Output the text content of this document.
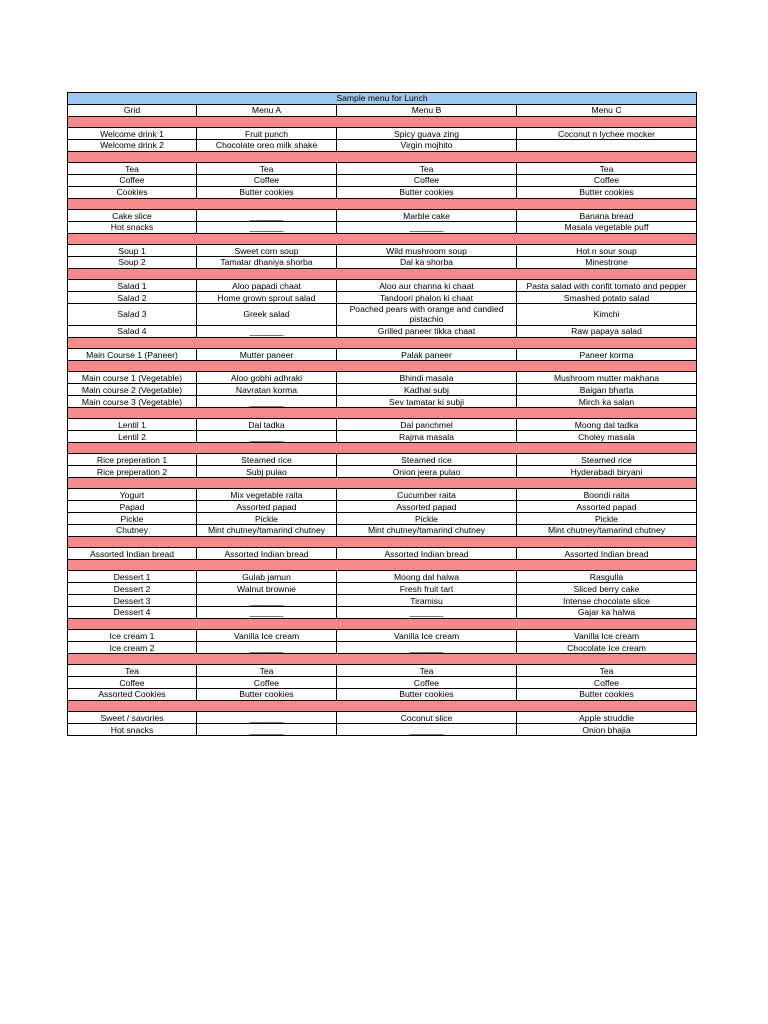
Sample menu for Lunch			
Grid	Menu A	Menu B	Menu C

Welcome drink 1	Fruit punch	Spicy guava zing	Coconut n lychee mocker
Welcome drink 2	Chocolate oreo milk shake	Virgin mojhito	

Tea	Tea	Tea	Tea
Coffee	Coffee	Coffee	Coffee
Cookies	Butter cookies	Butter cookies	Butter cookies

Cake slice	_______	Marble cake	Banana bread
Hot snacks	_______	_______	Masala vegetable puff

Soup 1	Sweet corn soup	Wild mushroom soup	Hot n sour soup
Soup 2	Tamatar dhaniya shorba	Dal ka shorba	Minestrone

Salad 1	Aloo papadi chaat	Aloo aur channa ki chaat	Pasta salad with confit tomato and pepper
Salad 2	Home grown sprout salad	Tandoori phalon ki chaat	Smashed potato salad
Salad 3	Greek salad	Poached pears with orange and candied pistachio	Kimchi
Salad 4	_______	Grilled paneer tikka chaat	Raw papaya salad

Main Course 1 (Paneer)	Mutter paneer	Palak paneer	Paneer korma

Main course 1 (Vegetable)	Aloo gobhi adhraki	Bhindi masala	Mushroom mutter makhana
Main course 2 (Vegetable)	Navratan korma	Kadhai subj	Baigan bharta
Main course 3 (Vegetable)	_______	Sev tamatar ki subji	Mirch ka salan

Lentil 1	Dal tadka	Dal panchmel	Moong dal tadka
Lentil 2	_______	Rajma masala	Choley masala

Rice preperation 1	Steamed rice	Steamed rice	Steamed rice
Rice preperation 2	Subj pulao	Onion jeera pulao	Hyderabadi biryani

Yogurt	Mix vegetable raita	Cucumber raita	Boondi raita
Papad	Assorted papad	Assorted papad	Assorted papad
Pickle	Pickle	Pickle	Pickle
Chutney	Mint chutney/tamarind chutney	Mint chutney/tamarind chutney	Mint chutney/tamarind chutney

Assorted Indian bread	Assorted Indian bread	Assorted Indian bread	Assorted Indian bread

Dessert 1	Gulab jamun	Moong dal halwa	Rasgulla
Dessert 2	Walnut brownie	Fresh fruit tart	Sliced berry cake
Dessert 3	_______	Tiramisu	Intense chocolate slice
Dessert 4	_______	_______	Gajar ka halwa

Ice cream 1	Vanilla Ice cream	Vanilla Ice cream	Vanilla Ice cream
Ice cream 2	_______	_______	Chocolate Ice cream

Tea	Tea	Tea	Tea
Coffee	Coffee	Coffee	Coffee
Assorted Cookies	Butter cookies	Butter cookies	Butter cookies

Sweet / savories	_______	Coconut slice	Apple struddle
Hot snacks	_______	_______	Onion bhajia
